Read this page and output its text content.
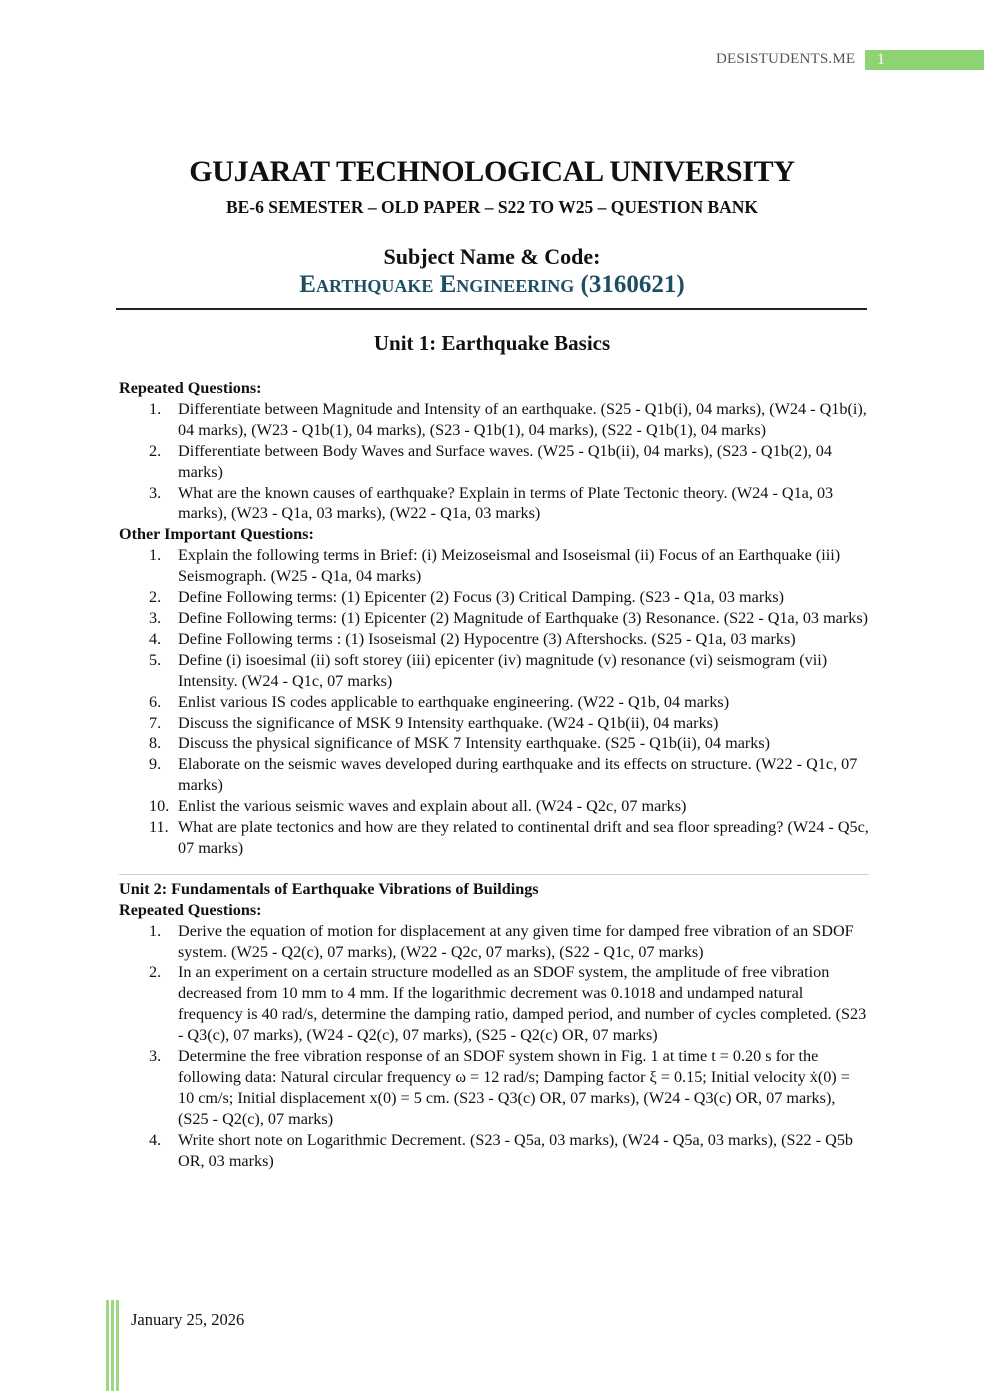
DESISTUDENTS.ME	1
GUJARAT TECHNOLOGICAL UNIVERSITY
BE-6 SEMESTER – OLD PAPER – S22 TO W25 – QUESTION BANK
Subject Name & Code:
Earthquake Engineering (3160621)
Unit 1: Earthquake Basics
Repeated Questions:
1.	Differentiate between Magnitude and Intensity of an earthquake. (S25 - Q1b(i), 04 marks), (W24 - Q1b(i), 04 marks), (W23 - Q1b(1), 04 marks), (S23 - Q1b(1), 04 marks), (S22 - Q1b(1), 04 marks)
2.	Differentiate between Body Waves and Surface waves. (W25 - Q1b(ii), 04 marks), (S23 - Q1b(2), 04 marks)
3.	What are the known causes of earthquake? Explain in terms of Plate Tectonic theory. (W24 - Q1a, 03 marks), (W23 - Q1a, 03 marks), (W22 - Q1a, 03 marks)
Other Important Questions:
1.	Explain the following terms in Brief: (i) Meizoseismal and Isoseismal (ii) Focus of an Earthquake (iii) Seismograph. (W25 - Q1a, 04 marks)
2.	Define Following terms: (1) Epicenter (2) Focus (3) Critical Damping. (S23 - Q1a, 03 marks)
3.	Define Following terms: (1) Epicenter (2) Magnitude of Earthquake (3) Resonance. (S22 - Q1a, 03 marks)
4.	Define Following terms : (1) Isoseismal (2) Hypocentre (3) Aftershocks. (S25 - Q1a, 03 marks)
5.	Define (i) isoesimal (ii) soft storey (iii) epicenter (iv) magnitude (v) resonance (vi) seismogram (vii) Intensity. (W24 - Q1c, 07 marks)
6.	Enlist various IS codes applicable to earthquake engineering. (W22 - Q1b, 04 marks)
7.	Discuss the significance of MSK 9 Intensity earthquake. (W24 - Q1b(ii), 04 marks)
8.	Discuss the physical significance of MSK 7 Intensity earthquake. (S25 - Q1b(ii), 04 marks)
9.	Elaborate on the seismic waves developed during earthquake and its effects on structure. (W22 - Q1c, 07 marks)
10. Enlist the various seismic waves and explain about all. (W24 - Q2c, 07 marks)
11. What are plate tectonics and how are they related to continental drift and sea floor spreading? (W24 - Q5c, 07 marks)
Unit 2: Fundamentals of Earthquake Vibrations of Buildings
Repeated Questions:
1.	Derive the equation of motion for displacement at any given time for damped free vibration of an SDOF system. (W25 - Q2(c), 07 marks), (W22 - Q2c, 07 marks), (S22 - Q1c, 07 marks)
2.	In an experiment on a certain structure modelled as an SDOF system, the amplitude of free vibration decreased from 10 mm to 4 mm. If the logarithmic decrement was 0.1018 and undamped natural frequency is 40 rad/s, determine the damping ratio, damped period, and number of cycles completed. (S23 - Q3(c), 07 marks), (W24 - Q2(c), 07 marks), (S25 - Q2(c) OR, 07 marks)
3.	Determine the free vibration response of an SDOF system shown in Fig. 1 at time t = 0.20 s for the following data: Natural circular frequency ω = 12 rad/s; Damping factor ξ = 0.15; Initial velocity ẋ(0) = 10 cm/s; Initial displacement x(0) = 5 cm. (S23 - Q3(c) OR, 07 marks), (W24 - Q3(c) OR, 07 marks), (S25 - Q2(c), 07 marks)
4.	Write short note on Logarithmic Decrement. (S23 - Q5a, 03 marks), (W24 - Q5a, 03 marks), (S22 - Q5b OR, 03 marks)
January 25, 2026
